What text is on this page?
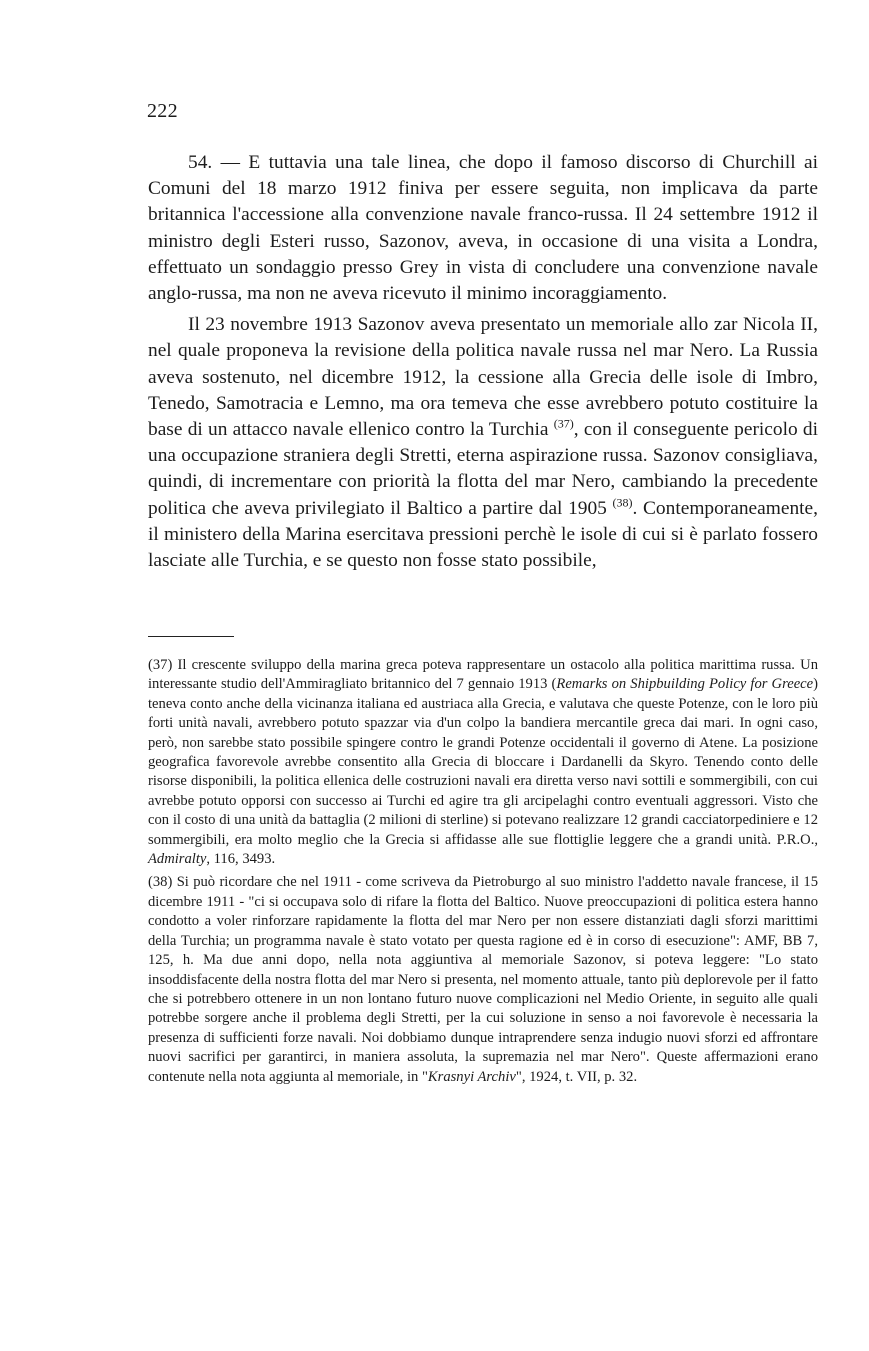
222

54. — E tuttavia una tale linea, che dopo il famoso discorso di Churchill ai Comuni del 18 marzo 1912 finiva per essere seguita, non implicava da parte britannica l'accessione alla convenzione navale franco-russa. Il 24 settembre 1912 il ministro degli Esteri russo, Sazonov, aveva, in occasione di una visita a Londra, effettuato un sondaggio presso Grey in vista di concludere una convenzione navale anglo-russa, ma non ne aveva ricevuto il minimo incoraggiamento.

Il 23 novembre 1913 Sazonov aveva presentato un memoriale allo zar Nicola II, nel quale proponeva la revisione della politica navale russa nel mar Nero. La Russia aveva sostenuto, nel dicembre 1912, la cessione alla Grecia delle isole di Imbro, Tenedo, Samotracia e Lemno, ma ora temeva che esse avrebbero potuto costituire la base di un attacco navale ellenico contro la Turchia $^{(37)}$, con il conseguente pericolo di una occupazione straniera degli Stretti, eterna aspirazione russa. Sazonov consigliava, quindi, di incrementare con priorità la flotta del mar Nero, cambiando la precedente politica che aveva privilegiato il Baltico a partire dal 1905 $^{(38)}$. Contemporaneamente, il ministero della Marina esercitava pressioni perchè le isole di cui si è parlato fossero lasciate alle Turchia, e se questo non fosse stato possibile,

(37) Il crescente sviluppo della marina greca poteva rappresentare un ostacolo alla politica marittima russa. Un interessante studio dell'Ammiragliato britannico del 7 gennaio 1913 (Remarks on Shipbuilding Policy for Greece) teneva conto anche della vicinanza italiana ed austriaca alla Grecia, e valutava che queste Potenze, con le loro più forti unità navali, avrebbero potuto spazzar via d'un colpo la bandiera mercantile greca dai mari. In ogni caso, però, non sarebbe stato possibile spingere contro le grandi Potenze occidentali il governo di Atene. La posizione geografica favorevole avrebbe consentito alla Grecia di bloccare i Dardanelli da Skyro. Tenendo conto delle risorse disponibili, la politica ellenica delle costruzioni navali era diretta verso navi sottili e sommergibili, con cui avrebbe potuto opporsi con successo ai Turchi ed agire tra gli arcipelaghi contro eventuali aggressori. Visto che con il costo di una unità da battaglia (2 milioni di sterline) si potevano realizzare 12 grandi cacciatorpediniere e 12 sommergibili, era molto meglio che la Grecia si affidasse alle sue flottiglie leggere che a grandi unità. P.R.O., Admiralty, 116, 3493.

(38) Si può ricordare che nel 1911 - come scriveva da Pietroburgo al suo ministro l'addetto navale francese, il 15 dicembre 1911 - "ci si occupava solo di rifare la flotta del Baltico. Nuove preoccupazioni di politica estera hanno condotto a voler rinforzare rapidamente la flotta del mar Nero per non essere distanziati dagli sforzi marittimi della Turchia; un programma navale è stato votato per questa ragione ed è in corso di esecuzione": AMF, BB 7, 125, h. Ma due anni dopo, nella nota aggiuntiva al memoriale Sazonov, si poteva leggere: "Lo stato insoddisfacente della nostra flotta del mar Nero si presenta, nel momento attuale, tanto più deplorevole per il fatto che si potrebbero ottenere in un non lontano futuro nuove complicazioni nel Medio Oriente, in seguito alle quali potrebbe sorgere anche il problema degli Stretti, per la cui soluzione in senso a noi favorevole è necessaria la presenza di sufficienti forze navali. Noi dobbiamo dunque intraprendere senza indugio nuovi sforzi ed affrontare nuovi sacrifici per garantirci, in maniera assoluta, la supremazia nel mar Nero". Queste affermazioni erano contenute nella nota aggiunta al memoriale, in "Krasnyi Archiv", 1924, t. VII, p. 32.
